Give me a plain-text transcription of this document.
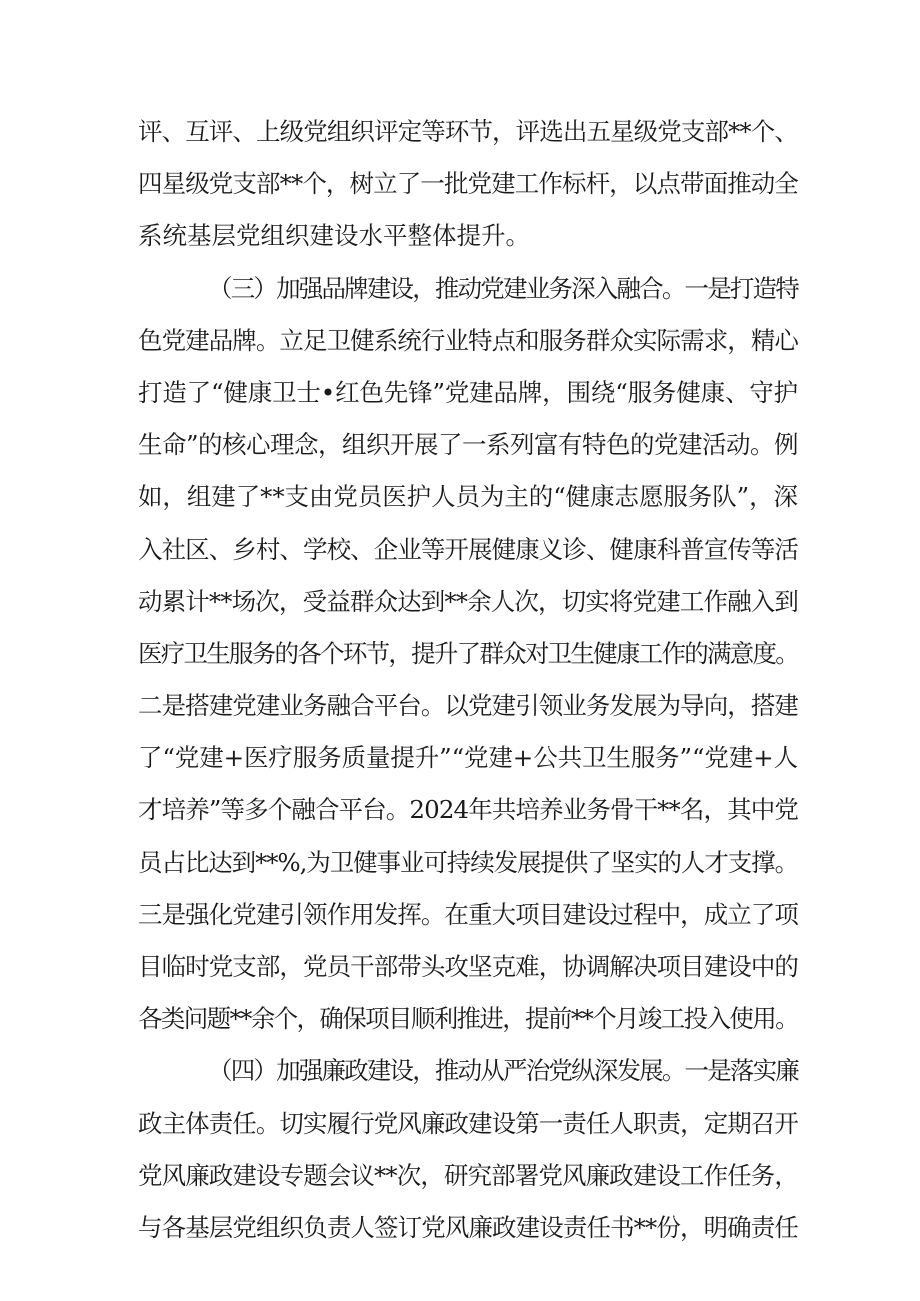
评、互评、上级党组织评定等环节，评选出五星级党支部**个、
四星级党支部**个，树立了一批党建工作标杆，以点带面推动全
系统基层党组织建设水平整体提升。
（三）加强品牌建设，推动党建业务深入融合。一是打造特
色党建品牌。立足卫健系统行业特点和服务群众实际需求，精心
打造了“健康卫士•红色先锋”党建品牌，围绕“服务健康、守护
生命”的核心理念，组织开展了一系列富有特色的党建活动。例
如，组建了**支由党员医护人员为主的“健康志愿服务队”，深
入社区、乡村、学校、企业等开展健康义诊、健康科普宣传等活
动累计**场次，受益群众达到**余人次，切实将党建工作融入到
医疗卫生服务的各个环节，提升了群众对卫生健康工作的满意度。
二是搭建党建业务融合平台。以党建引领业务发展为导向，搭建
了“党建+医疗服务质量提升”“党建+公共卫生服务”“党建+人
才培养”等多个融合平台。2024年共培养业务骨干**名，其中党
员占比达到**%,为卫健事业可持续发展提供了坚实的人才支撑。
三是强化党建引领作用发挥。在重大项目建设过程中，成立了项
目临时党支部，党员干部带头攻坚克难，协调解决项目建设中的
各类问题**余个，确保项目顺利推进，提前**个月竣工投入使用。
（四）加强廉政建设，推动从严治党纵深发展。一是落实廉
政主体责任。切实履行党风廉政建设第一责任人职责，定期召开
党风廉政建设专题会议**次，研究部署党风廉政建设工作任务，
与各基层党组织负责人签订党风廉政建设责任书**份，明确责任
